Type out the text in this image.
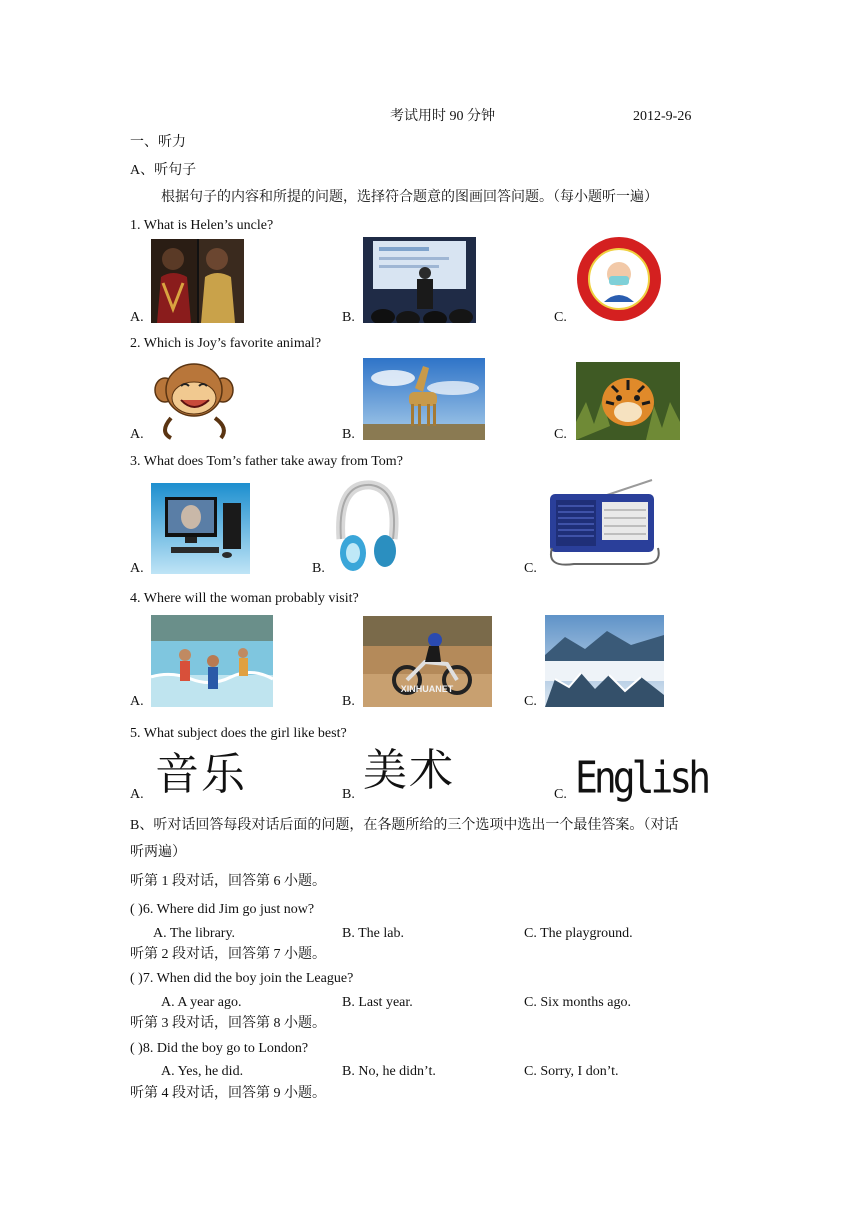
考试用时 90 分钟	2012-9-26
一、听力
A、听句子
根据句子的内容和所提的问题，选择符合题意的图画回答问题。（每小题听一遍）
1. What is Helen’s uncle?
A.	B.	C.
2. Which is Joy’s favorite animal?
A.	B.	C.
3. What does Tom’s father take away from Tom?
A.	B.	C.
4. Where will the woman probably visit?
A.	B.
XINHUANET
C.
5. What subject does the girl like best?
A. 音乐	B. 美术	C. English
B、听对话回答每段对话后面的问题，在各题所给的三个选项中选出一个最佳答案。（对话
听两遍）
听第 1 段对话，回答第 6 小题。
( )6. Where did Jim go just now?
A. The library.	B. The lab.	C. The playground.
听第 2 段对话，回答第 7 小题。
( )7. When did the boy join the League?
A. A year ago.	B. Last year.	C. Six months ago.
听第 3 段对话，回答第 8 小题。
( )8. Did the boy go to London?
A. Yes, he did.	B. No, he didn’t.	C. Sorry, I don’t.
听第 4 段对话，回答第 9 小题。
